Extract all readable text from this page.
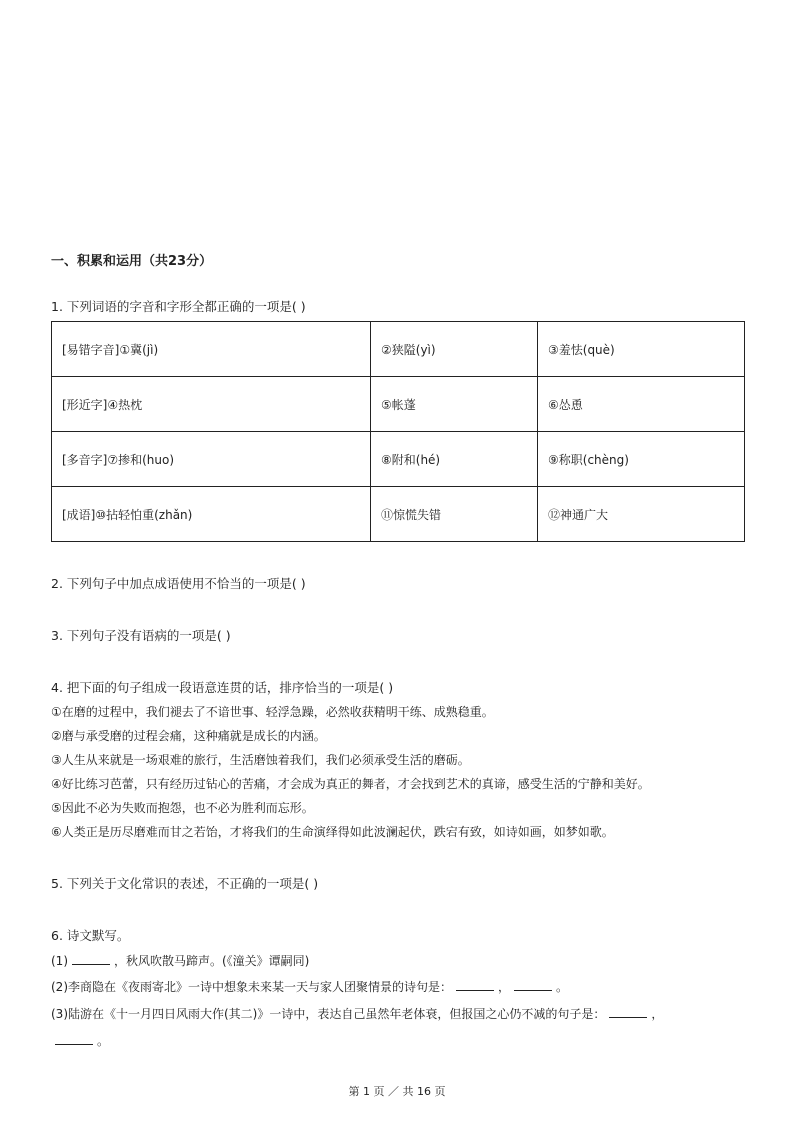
一、积累和运用（共23分）
1. 下列词语的字音和字形全都正确的一项是( )
[易错字音]①冀(jì)	②狭隘(yì)	③羞怯(què)
[形近字]④热枕	⑤帐蓬	⑥怂恿
[多音字]⑦掺和(huo)	⑧附和(hé)	⑨称职(chèng)
[成语]⑩拈轻怕重(zhǎn)	⑪惊慌失错	⑫神通广大
2. 下列句子中加点成语使用不恰当的一项是( )
3. 下列句子没有语病的一项是( )
4. 把下面的句子组成一段语意连贯的话，排序恰当的一项是( )
①在磨的过程中，我们褪去了不谙世事、轻浮急躁，必然收获精明干练、成熟稳重。
②磨与承受磨的过程会痛，这种痛就是成长的内涵。
③人生从来就是一场艰难的旅行，生活磨蚀着我们，我们必须承受生活的磨砺。
④好比练习芭蕾，只有经历过钻心的苦痛，才会成为真正的舞者，才会找到艺术的真谛，感受生活的宁静和美好。
⑤因此不必为失败而抱怨，也不必为胜利而忘形。
⑥人类正是历尽磨难而甘之若饴，才将我们的生命演绎得如此波澜起伏，跌宕有致，如诗如画，如梦如歌。
5. 下列关于文化常识的表述，不正确的一项是( )
6. 诗文默写。
(1)	，秋风吹散马蹄声。(《潼关》谭嗣同)
(2)李商隐在《夜雨寄北》一诗中想象未来某一天与家人团聚情景的诗句是：	，	。
(3)陆游在《十一月四日风雨大作(其二)》一诗中，表达自己虽然年老体衰，但报国之心仍不减的句子是：	，
。
第 1 页 ／ 共 16 页
